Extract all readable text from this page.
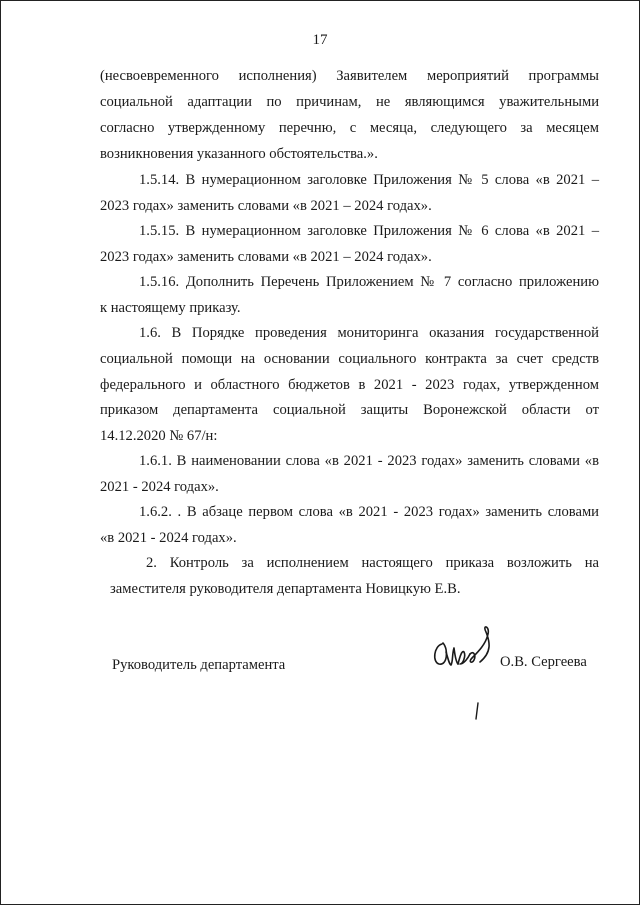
17
(несвоевременного исполнения) Заявителем мероприятий программы
социальной адаптации по причинам, не являющимся уважительными
согласно утвержденному перечню, с месяца, следующего за месяцем
возникновения указанного обстоятельства.».
1.5.14. В нумерационном заголовке Приложения № 5 слова «в 2021 –
2023 годах» заменить словами «в 2021 – 2024 годах».
1.5.15. В нумерационном заголовке Приложения № 6 слова «в 2021 –
2023 годах» заменить словами «в 2021 – 2024 годах».
1.5.16. Дополнить Перечень Приложением № 7 согласно приложению
к настоящему приказу.
1.6. В Порядке проведения мониторинга оказания государственной
социальной помощи на основании социального контракта за счет средств
федерального и областного бюджетов в 2021 - 2023 годах, утвержденном
приказом департамента социальной защиты Воронежской области от
14.12.2020 № 67/н:
1.6.1. В наименовании слова «в 2021 - 2023 годах» заменить словами «в
2021 - 2024 годах».
1.6.2. . В абзаце первом слова «в 2021 - 2023 годах» заменить словами
«в 2021 - 2024 годах».
2. Контроль за исполнением настоящего приказа возложить на
заместителя руководителя департамента Новицкую Е.В.
Руководитель департамента	О.В. Сергеева
